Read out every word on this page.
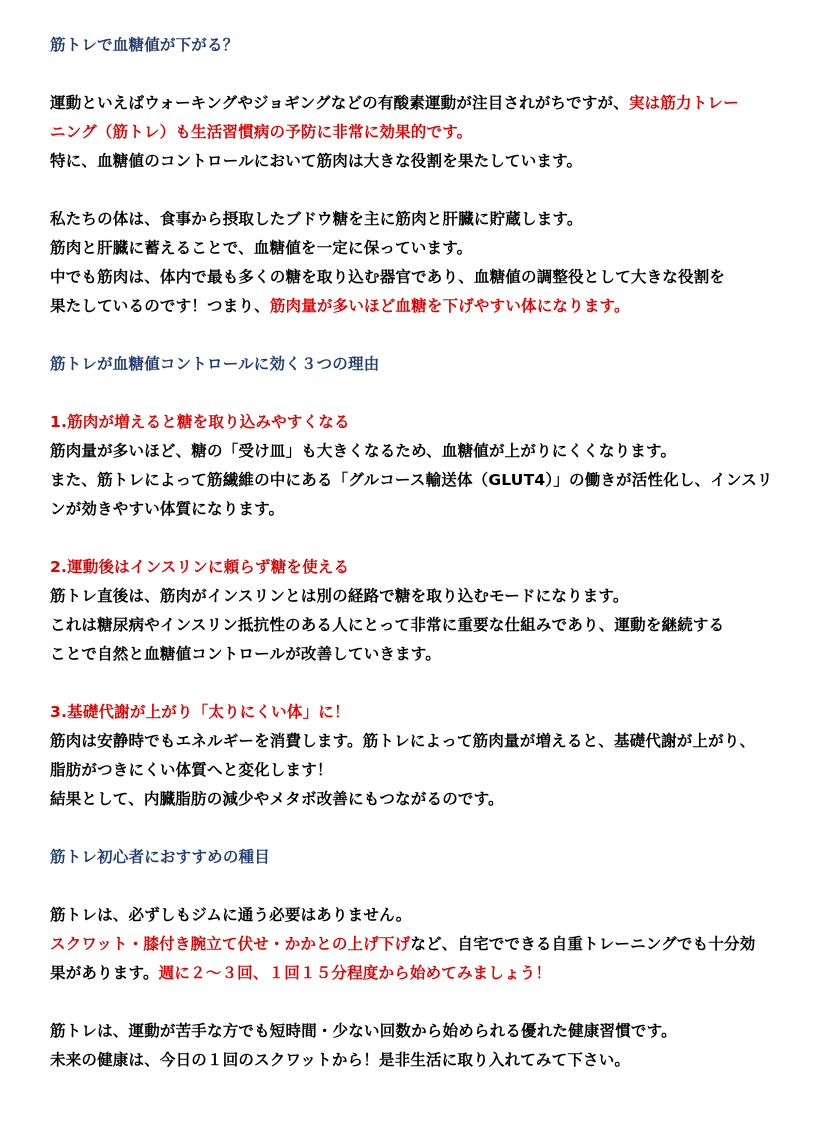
筋トレで血糖値が下がる？
運動といえばウォーキングやジョギングなどの有酸素運動が注目されがちですが、実は筋力トレー
ニング（筋トレ）も生活習慣病の予防に非常に効果的です。
特に、血糖値のコントロールにおいて筋肉は大きな役割を果たしています。
私たちの体は、食事から摂取したブドウ糖を主に筋肉と肝臓に貯蔵します。
筋肉と肝臓に蓄えることで、血糖値を一定に保っています。
中でも筋肉は、体内で最も多くの糖を取り込む器官であり、血糖値の調整役として大きな役割を
果たしているのです！つまり、筋肉量が多いほど血糖を下げやすい体になります。
筋トレが血糖値コントロールに効く３つの理由
1.筋肉が増えると糖を取り込みやすくなる
筋肉量が多いほど、糖の「受け皿」も大きくなるため、血糖値が上がりにくくなります。
また、筋トレによって筋繊維の中にある「グルコース輸送体（GLUT4）」の働きが活性化し、インスリ
ンが効きやすい体質になります。
2.運動後はインスリンに頼らず糖を使える
筋トレ直後は、筋肉がインスリンとは別の経路で糖を取り込むモードになります。
これは糖尿病やインスリン抵抗性のある人にとって非常に重要な仕組みであり、運動を継続する
ことで自然と血糖値コントロールが改善していきます。
3.基礎代謝が上がり「太りにくい体」に！
筋肉は安静時でもエネルギーを消費します。筋トレによって筋肉量が増えると、基礎代謝が上がり、
脂肪がつきにくい体質へと変化します！
結果として、内臓脂肪の減少やメタボ改善にもつながるのです。
筋トレ初心者におすすめの種目
筋トレは、必ずしもジムに通う必要はありません。
スクワット・膝付き腕立て伏せ・かかとの上げ下げなど、自宅でできる自重トレーニングでも十分効
果があります。週に２～３回、１回１５分程度から始めてみましょう！
筋トレは、運動が苦手な方でも短時間・少ない回数から始められる優れた健康習慣です。
未来の健康は、今日の１回のスクワットから！是非生活に取り入れてみて下さい。
